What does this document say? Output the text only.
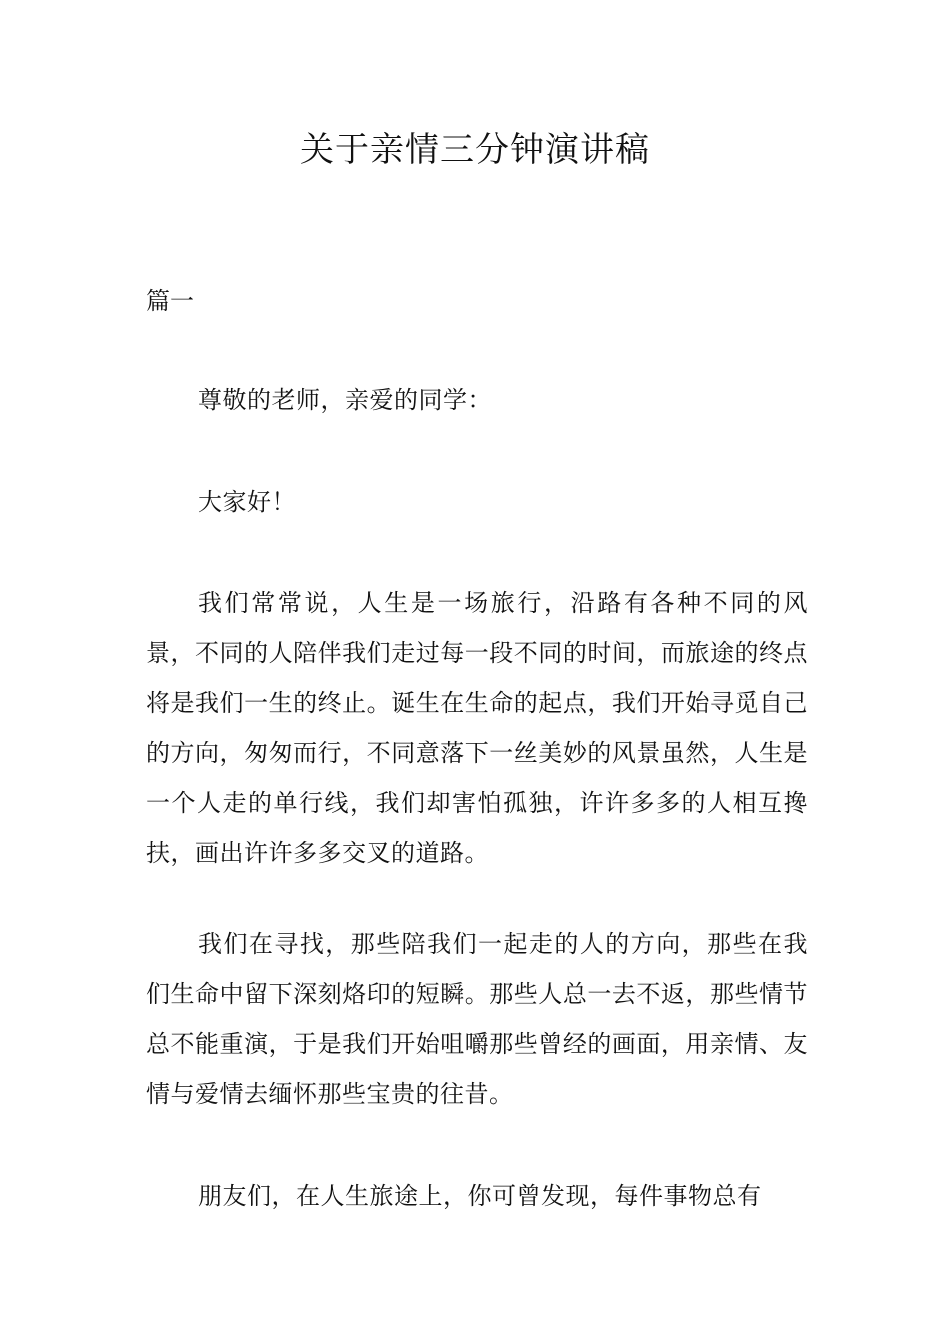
关于亲情三分钟演讲稿

篇一

尊敬的老师，亲爱的同学：

大家好！

我们常常说，人生是一场旅行，沿路有各种不同的风景，不同的人陪伴我们走过每一段不同的时间，而旅途的终点将是我们一生的终止。诞生在生命的起点，我们开始寻觅自己的方向，匆匆而行，不同意落下一丝美妙的风景虽然，人生是一个人走的单行线，我们却害怕孤独，许许多多的人相互搀扶，画出许许多多交叉的道路。

我们在寻找，那些陪我们一起走的人的方向，那些在我们生命中留下深刻烙印的短瞬。那些人总一去不返，那些情节总不能重演，于是我们开始咀嚼那些曾经的画面，用亲情、友情与爱情去缅怀那些宝贵的往昔。

朋友们，在人生旅途上，你可曾发现，每件事物总有
